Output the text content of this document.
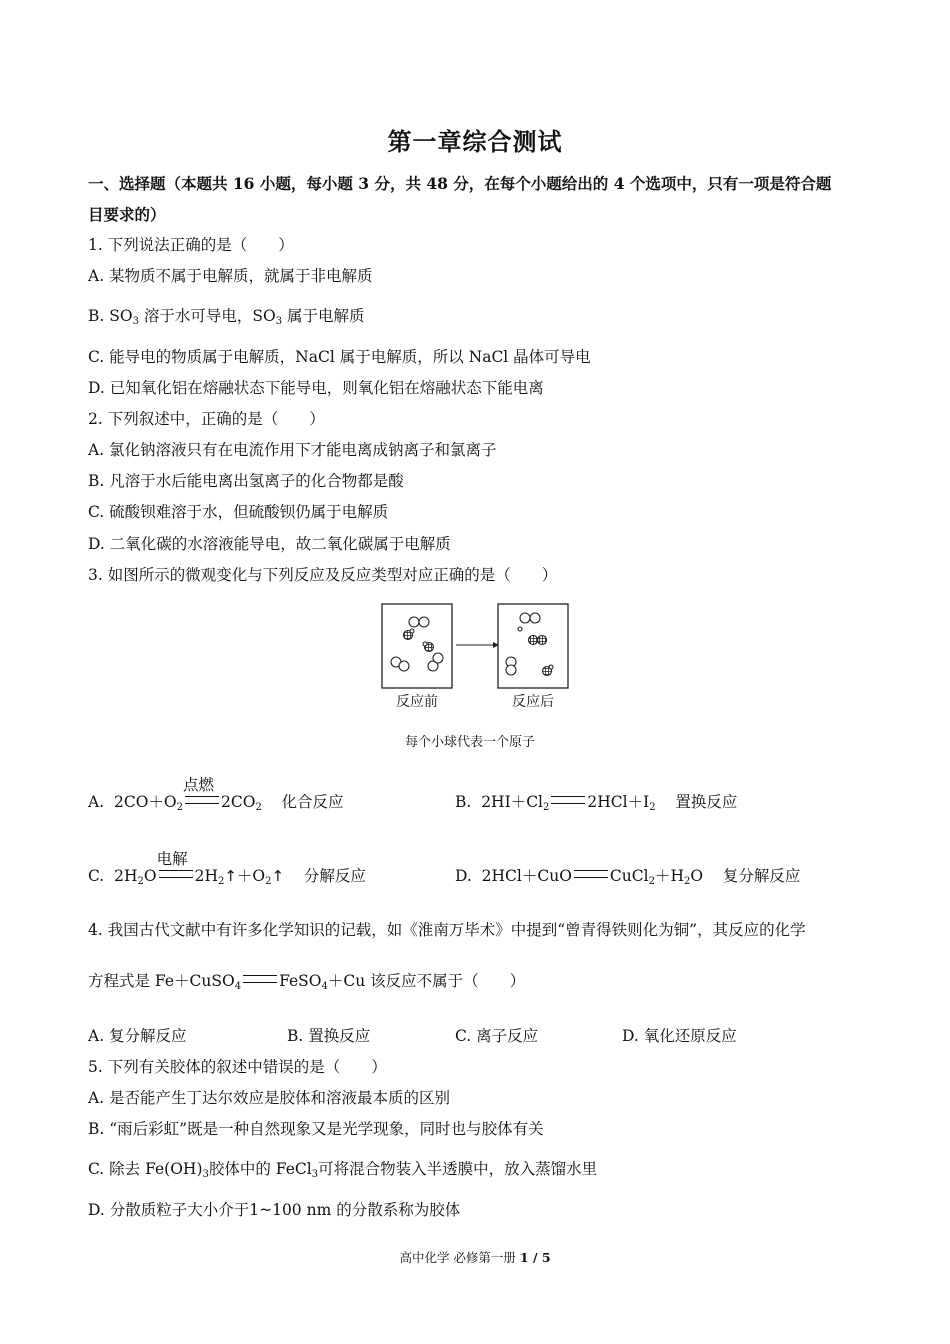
第一章综合测试
一、选择题（本题共 16 小题，每小题 3 分，共 48 分，在每个小题给出的 4 个选项中，只有一项是符合题
目要求的）
1. 下列说法正确的是（　　）
A. 某物质不属于电解质，就属于非电解质
B. $SO_3$ 溶于水可导电，$SO_3$ 属于电解质
C. 能导电的物质属于电解质，NaCl 属于电解质，所以 NaCl 晶体可导电
D. 已知氧化铝在熔融状态下能导电，则氧化铝在熔融状态下能电离
2. 下列叙述中，正确的是（　　）
A. 氯化钠溶液只有在电流作用下才能电离成钠离子和氯离子
B. 凡溶于水后能电离出氢离子的化合物都是酸
C. 硫酸钡难溶于水，但硫酸钡仍属于电解质
D. 二氧化碳的水溶液能导电，故二氧化碳属于电解质
3. 如图所示的微观变化与下列反应及反应类型对应正确的是（　　）
反应前	反应后
每个小球代表一个原子
A. $2CO+O_2$
点燃
$2CO_2$ 化合反应	B. $2HI+Cl_2$ $2HCl+I_2$ 置换反应
C. $2H_2O$
电解
$2H_2↑+O_2↑$ 分解反应	D. 2HCl＋CuO $CuCl_2+H_2O$ 复分解反应
4. 我国古代文献中有许多化学知识的记载，如《淮南万毕术》中提到“曾青得铁则化为铜”，其反应的化学
方程式是 Fe＋CuSO$_4$ FeSO$_4$＋Cu 该反应不属于（　　）
A. 复分解反应	B. 置换反应	C. 离子反应	D. 氧化还原反应
5. 下列有关胶体的叙述中错误的是（　　）
A. 是否能产生丁达尔效应是胶体和溶液最本质的区别
B. “雨后彩虹”既是一种自然现象又是光学现象，同时也与胶体有关
C. 除去 $Fe(OH)_3$胶体中的 FeCl$_3$可将混合物装入半透膜中，放入蒸馏水里
D. 分散质粒子大小介于1~100 nm 的分散系称为胶体
高中化学 必修第一册 1 / 5
